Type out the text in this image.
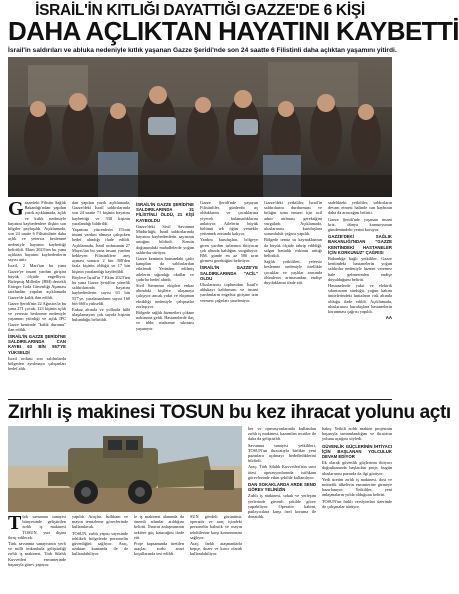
İSRAİL'İN KITLIĞI DAYATTIĞI GAZZE'DE 6 KİŞİ
DAHA AÇLIKTAN HAYATINI KAYBETTİ
İsrail'in saldırıları ve abluka nedeniyle kıtlık yaşanan Gazze Şeridi'nde son 24 saatte 6 Filistinli daha açlıktan yaşamını yitirdi.
G azzedeki Filistin Sağlık Bakanlığı'ndan yapılan yazılı açıklamada, açlık ve kıtlık nedeniyle hayatını kaybedenlere ilişkin son bilgiler paylaşıldı. Açıklamada, son 24 saatte 6 Filistinlinin daha açlık ve yetersiz beslenme nedeniyle hayatını kaybettiği belirtildi. Ekim 2023'ten bu yana açlıktan hayatını kaybedenlerin sayısı arttı.

İsrail, 2 Mart'tan bu yana Gazze'ye insani yardım girişini büyük ölçüde engelliyor. Birleşmiş Milletler (BM) destekli Entegre Gıda Güvenliği Aşaması tarafından yapılan açıklamada Gazze'de kıtlık ilan edildi.

Gazze Şeridi'nin 22 Ağustos'ta bu yana 271 çocuk, 123 kişinin açlık ve yetersiz beslenme nedeniyle yaşamını yitirdiği ve açlık IPC Gazze kentinde "kıtlık durumu" ilan edildi.

İSRAİL'İN GAZZE ŞERİDİ'NE SALDIRILARINDA CAN KAYBI 63 BİN 557'YE YÜKSELDİ

İsrail ordusu son saldırılarda bölgeden ayrılmaya çalışanları hedef aldı.

dan yapılan yazılı açıklamada, Gazze'deki İsrail saldırılarında son 24 saatte 71 kişinin hayatını kaybettiği ve 338 kişinin yaralandığı bildirildi.

Yaşamını yitirenlerin 15'inin insani yardım almaya çalışırken hedef alındığı ifade edildi. Açıklamada, İsrail ordusunun 27 Mayıs'tan bu yana insani yardım bekleyen Filistinlilere ateş açması sonucu 2 bin 300'den fazla kişinin öldüğü ve 17 bin kişinin yaralandığı kaydedildi.

Böylece İsrail'in 7 Ekim 2023'ten bu yana Gazze Şeridi'ne yönelik saldırılarında hayatını kaybedenlerin sayısı 63 bin 557'ye, yaralananların sayısı 160 bin 660'a yükseldi.

Enkaz altında ve yollarda hâlâ ulaşılamayan çok sayıda kişinin bulunduğu belirtildi.

İSRAİL'İN GAZZE ŞERİDİ'NE SALDIRILARINDA 31 FİLİSTİNLİ ÖLDÜ, 21 KİŞİ KAYBOLDU

Gazze'deki Sivil Savunma Müdürlüğü, İsrail saldırılarında hayatını kaybedenlerin sayısının arttığını bildirdi. Kentin doğusundaki mahallelerde yoğun saldırılar sürüyor.

Gazze kentinin batısındaki çadır kampları da saldırılardan etkilendi. Yerinden edilmiş ailelerin sığındığı okullar ve çadırlar hedef alındı.

Sivil Savunma ekipleri enkaz altındaki kişilere ulaşmaya çalışıyor ancak yakıt ve ekipman eksikliği nedeniyle çalışmalar zorlaşıyor.

Bölgede sağlık hizmetleri çökme noktasına geldi. Hastanelerde ilaç ve tıbbi malzeme sıkıntısı yaşanıyor.

Gazze Şeridi'nde yaşayan Filistinliler, günlerdir aç olduklarını ve çocuklarına yiyecek bulamadıklarını anlatıyor. Ailelerin büyük bölümü tek öğün yemekle yetinmek zorunda kalıyor.

Yardım kuruluşları, bölgeye giren yardım tırlarının ihtiyacın çok altında kaldığını vurguluyor. BM, günde en az 500 tırın girmesi gerektiğini belirtiyor.

İSRAİL'İN GAZZE'YE SALDIRILARINDA "ACİL" OLDU

Uluslararası toplumdan İsrail'e ablukayı kaldırması ve insani yardımların engelsiz girişine izin vermesi çağrıları yineleniyor.

Gazze'deki yetkililer, İsrail'in saldırılarını durdurması ve kıtlığın sona ermesi için acil adım atılması gerektiğini vurguladı. Açıklamada, uluslararası kuruluşlara sorumluluk çağrısı yapıldı.

Bölgede temiz su kaynaklarının da büyük ölçüde tahrip edildiği, salgın hastalık riskinin arttığı belirtildi.

Sağlık yetkilileri, yetersiz beslenme nedeniyle özellikle çocuklar ve yaşlılar arasında ölümlerin artmasından endişe duyduklarını ifade etti.

sadelikteki yetkililer, saldırıların devam etmesi halinde can kaybının daha da artacağını belirtti.

Gazze Şeridi'nde yaşanan insani kriz, dünya kamuoyunun gündemindeki yerini koruyor.

GAZZE'DEKİ SAĞLIK BAKANLIĞI'NDAN "GAZZE KENTİNDEKİ HASTANELER İÇİN KORKUNUZ" ÇAĞRISI

Bakanlığa bağlı yetkililer, Gazze kentindeki hastanelerin yoğun saldırılar nedeniyle hizmet veremez hale gelmesinden endişe duyulduğunu belirtti.

Hastanelerde yakıt ve elektrik sıkıntısının sürdüğü, yoğun bakım ünitelerindeki hastaların risk altında olduğu ifade edildi. Açıklamada, uluslararası kuruluşlara hastanelerin korunması çağrısı yapıldı.

AA

Zırhlı iş makinesi TOSUN bu kez ihracat yolunu açtı
T ürk savunma sanayisi bünyesinde geliştirilen zırhlı iş makinesi TOSUN, yurt dışına ihraç edilecek.

Türk savunma sanayisinin yerli ve milli imkanlarla geliştirdiği zırhlı iş makinesi, Türk Silahlı Kuvvetleri envanterinde başarıyla görev yapıyor.

yapıldı. Araçlar, İstihkam ve mayın temizleme görevlerinde kullanılacak.

TOSUN, zırhlı yapısı sayesinde tehlikeli bölgelerde personelin güvenliğini sağlıyor. Araç, uzaktan kumanda ile de kullanılabiliyor.

le iş makinesi alanında da önemli adımlar atıldığını belirtti. İhracat anlaşmasının sektöre güç katacağını ifade etti.

Proje kapsamında üretilen araçlar, zorlu arazi koşullarında test edildi.

SUN gövdeli görüntüsü, operatör ve araç içindeki personelin balistik ve mayın tehditlerine karşı korunmasını sağlıyor.

Araç, farklı ataşmanlarla kepçe, dozer ve kırıcı olarak kullanılabiliyor.

ber ve operasyonlarında kullanılan zırhlı iş makinesi, kazanılan tecrübe ile daha da geliştirildi.

Savunma sanayisi yetkilileri, TOSUN'un ihracatıyla birlikte yeni pazarlara açılmayı hedeflediklerini bildirdi.

Araç, Türk Silahlı Kuvvetleri'nin sınır ötesi operasyonlarında istihkam görevlerinde etkin şekilde kullanılıyor.

DAN SOKAKLARDA ARDE SEND GÖREV YELİNİZİN

Zırhlı iş makinesi, sokak ve yerleşim yerlerinde güvenli şekilde görev yapabiliyor. Operatör kabini, patlayıcılara karşı özel koruma ile donatıldı.

bakış: Yetkili zırhlı makine projesinin başarıyla tamamlandığını ve ihracatın yolunu açtığını söyledi.

GÜVENLİK GÜÇLERİNİN İHTİYACI İÇİN BAŞLANAN YOLCULUK DEVAM EDİYOR

İlk olarak güvenlik güçlerinin ihtiyacı doğrultusunda başlatılan proje, bugün uluslararası pazarda da ilgi görüyor.

Yerli üretim zırhlı iş makinesi, dost ve müttefik ülkelerin envanterine girmeye hazırlanıyor. Yetkililer, yeni anlaşmaların yolda olduğunu belirtti.

TOSUN'un farklı versiyonları üzerinde de çalışmalar sürüyor.
